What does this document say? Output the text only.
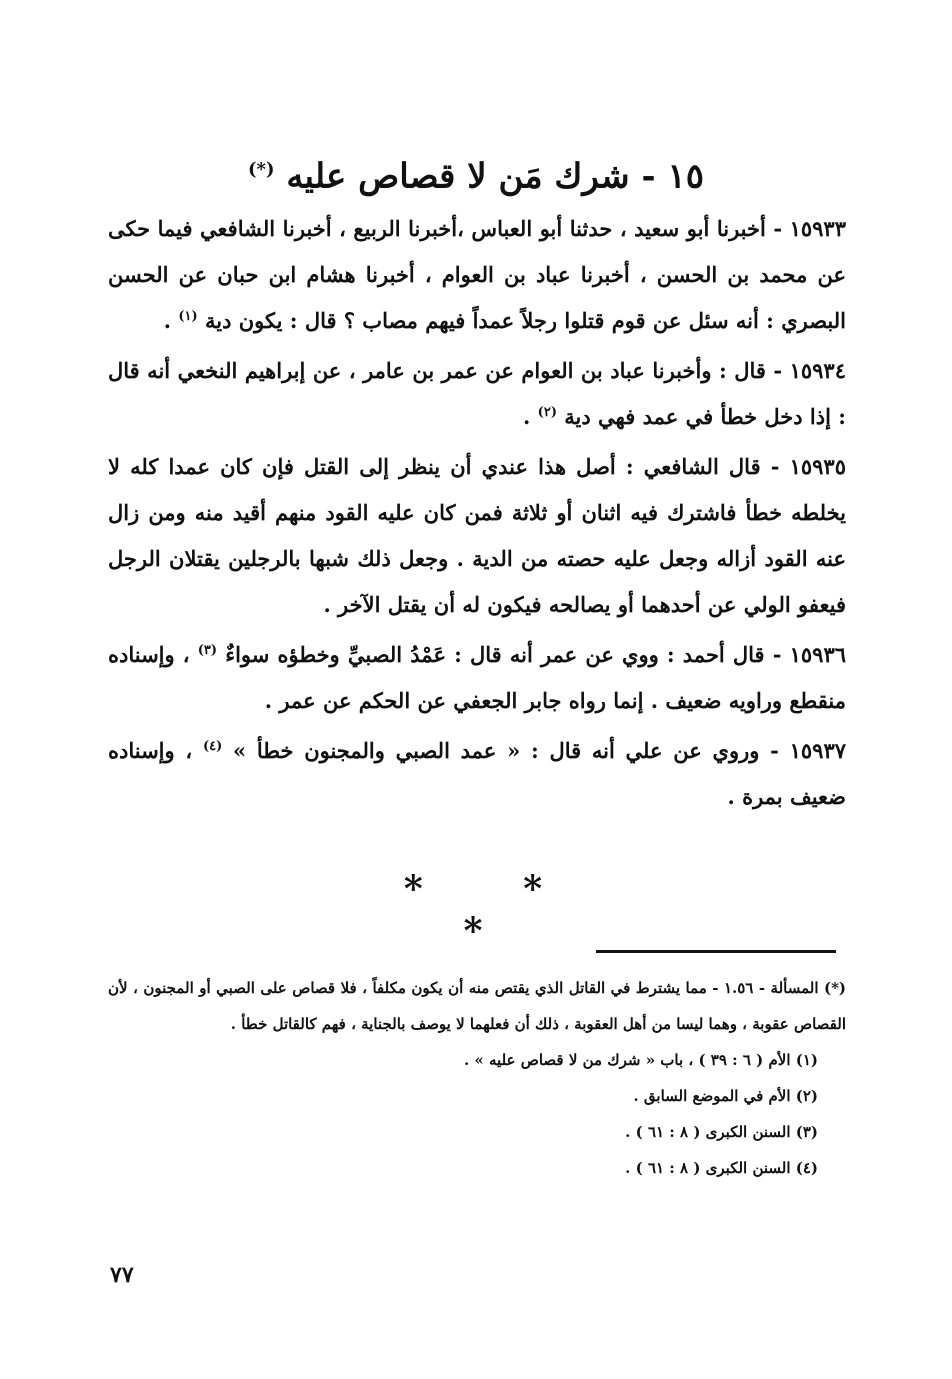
١٥ - شرك مَن لا قصاص عليه (*)

١٥٩٣٣ - أخبرنا أبو سعيد ، حدثنا أبو العباس ،أخبرنا الربيع ، أخبرنا الشافعي فيما حكى عن محمد بن الحسن ، أخبرنا عباد بن العوام ، أخبرنا هشام ابن حبان عن الحسن البصري : أنه سئل عن قوم قتلوا رجلاً عمداً فيهم مصاب ؟ قال : يكون دية $^{(١)}$ .

١٥٩٣٤ - قال : وأخبرنا عباد بن العوام عن عمر بن عامر ، عن إبراهيم النخعي أنه قال : إذا دخل خطأ في عمد فهي دية $^{(٢)}$ .

١٥٩٣٥ - قال الشافعي : أصل هذا عندي أن ينظر إلى القتل فإن كان عمدا كله لا يخلطه خطأ فاشترك فيه اثنان أو ثلاثة فمن كان عليه القود منهم أقيد منه ومن زال عنه القود أزاله وجعل عليه حصته من الدية . وجعل ذلك شبها بالرجلين يقتلان الرجل فيعفو الولي عن أحدهما أو يصالحه فيكون له أن يقتل الآخر .

١٥٩٣٦ - قال أحمد : ووي عن عمر أنه قال : عَمْدُ الصبيِّ وخطؤه سواءٌ $^{(٣)}$ ، وإسناده منقطع وراويه ضعيف . إنما رواه جابر الجعفي عن الحكم عن عمر .

١٥٩٣٧ - وروي عن علي أنه قال : « عمد الصبي والمجنون خطأ » $^{(٤)}$ ، وإسناده ضعيف بمرة .

* * *

(*) المسألة - ١.٥٦ - مما يشترط في القاتل الذي يقتص منه أن يكون مكلفاً ، فلا قصاص على الصبي أو المجنون ، لأن القصاص عقوبة ، وهما ليسا من أهل العقوبة ، ذلك أن فعلهما لا يوصف بالجناية ، فهم كالقاتل خطأ .

(١) الأم ( ٦ : ٣٩ ) ، باب « شرك من لا قصاص عليه » .

(٢) الأم في الموضع السابق .

(٣) السنن الكبرى ( ٨ : ٦١ ) .

(٤) السنن الكبرى ( ٨ : ٦١ ) .

٧٧
